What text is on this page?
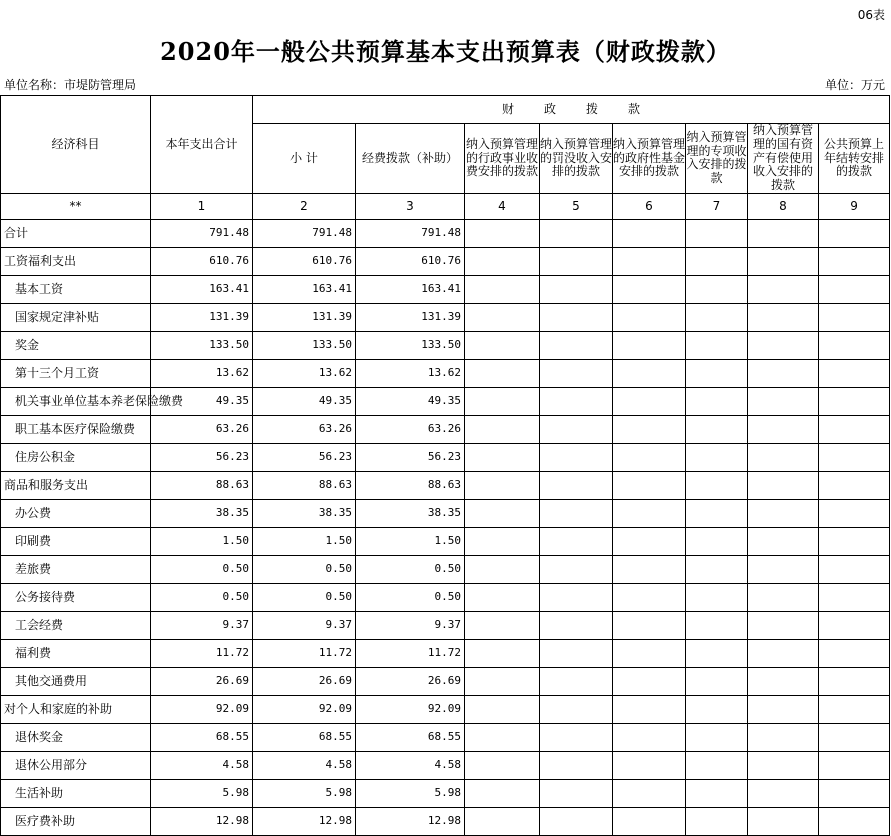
06表
2020年一般公共预算基本支出预算表（财政拨款）
单位名称：市堤防管理局	单位：万元
经济科目	本年支出合计	财政拨款							
		小 计	经费拨款（补助）	纳入预算管理的行政事业收费安排的拨款	纳入预算管理的罚没收入安排的拨款	纳入预算管理的政府性基金安排的拨款	纳入预算管理的专项收入安排的拨款	纳入预算管理的国有资产有偿使用收入安排的拨款	公共预算上年结转安排的拨款
**	1	2	3	4	5	6	7	8	9
合计	791.48	791.48	791.48						
工资福利支出	610.76	610.76	610.76						
基本工资	163.41	163.41	163.41						
国家规定津补贴	131.39	131.39	131.39						
奖金	133.50	133.50	133.50						
第十三个月工资	13.62	13.62	13.62						
机关事业单位基本养老保险缴费	49.35	49.35	49.35						
职工基本医疗保险缴费	63.26	63.26	63.26						
住房公积金	56.23	56.23	56.23						
商品和服务支出	88.63	88.63	88.63						
办公费	38.35	38.35	38.35						
印刷费	1.50	1.50	1.50						
差旅费	0.50	0.50	0.50						
公务接待费	0.50	0.50	0.50						
工会经费	9.37	9.37	9.37						
福利费	11.72	11.72	11.72						
其他交通费用	26.69	26.69	26.69						
对个人和家庭的补助	92.09	92.09	92.09						
退休奖金	68.55	68.55	68.55						
退休公用部分	4.58	4.58	4.58						
生活补助	5.98	5.98	5.98						
医疗费补助	12.98	12.98	12.98						
